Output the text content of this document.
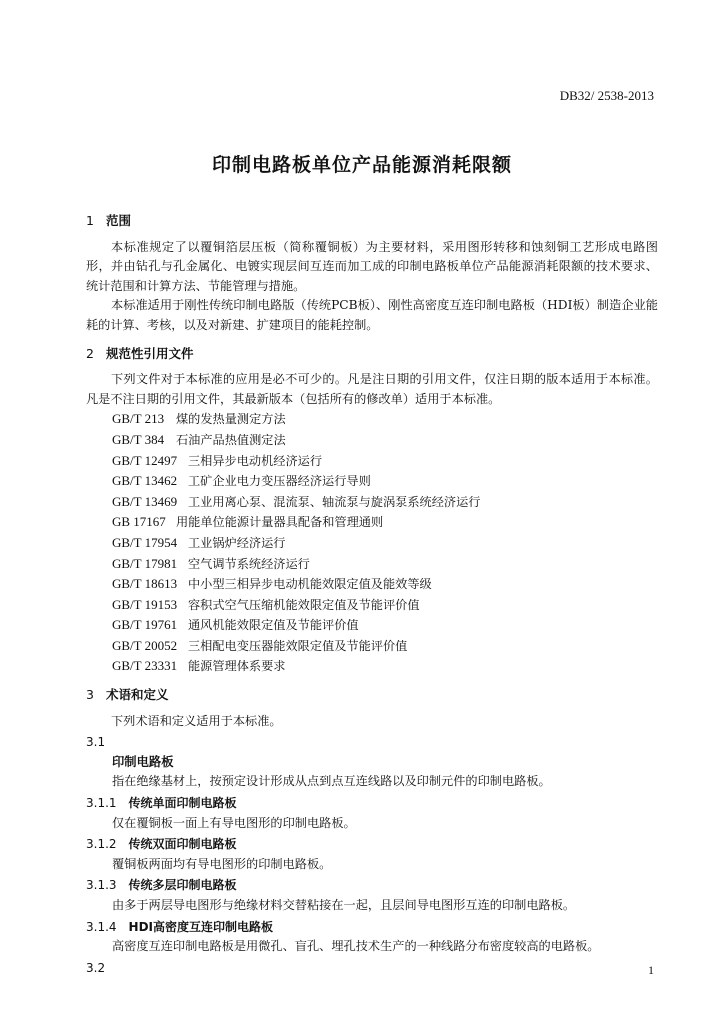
DB32/ 2538-2013
印制电路板单位产品能源消耗限额
1 范围

本标准规定了以覆铜箔层压板（简称覆铜板）为主要材料，采用图形转移和蚀刻铜工艺形成电路图形，并由钻孔与孔金属化、电镀实现层间互连而加工成的印制电路板单位产品能源消耗限额的技术要求、统计范围和计算方法、节能管理与措施。

本标准适用于刚性传统印制电路版（传统PCB板）、刚性高密度互连印制电路板（HDI板）制造企业能耗的计算、考核，以及对新建、扩建项目的能耗控制。

2 规范性引用文件

下列文件对于本标准的应用是必不可少的。凡是注日期的引用文件，仅注日期的版本适用于本标准。凡是不注日期的引用文件，其最新版本（包括所有的修改单）适用于本标准。

GB/T 213 煤的发热量测定方法
GB/T 384 石油产品热值测定法
GB/T 12497 三相异步电动机经济运行
GB/T 13462 工矿企业电力变压器经济运行导则
GB/T 13469 工业用离心泵、混流泵、轴流泵与旋涡泵系统经济运行
GB 17167 用能单位能源计量器具配备和管理通则
GB/T 17954 工业锅炉经济运行
GB/T 17981 空气调节系统经济运行
GB/T 18613 中小型三相异步电动机能效限定值及能效等级
GB/T 19153 容积式空气压缩机能效限定值及节能评价值
GB/T 19761 通风机能效限定值及节能评价值
GB/T 20052 三相配电变压器能效限定值及节能评价值
GB/T 23331 能源管理体系要求
3 术语和定义

下列术语和定义适用于本标准。

3.1
印制电路板
指在绝缘基材上，按预定设计形成从点到点互连线路以及印制元件的印制电路板。
3.1.1 传统单面印制电路板
仅在覆铜板一面上有导电图形的印制电路板。
3.1.2 传统双面印制电路板
覆铜板两面均有导电图形的印制电路板。
3.1.3 传统多层印制电路板
由多于两层导电图形与绝缘材料交替粘接在一起，且层间导电图形互连的印制电路板。
3.1.4 HDI高密度互连印制电路板
高密度互连印制电路板是用微孔、盲孔、埋孔技术生产的一种线路分布密度较高的电路板。
3.2	1
